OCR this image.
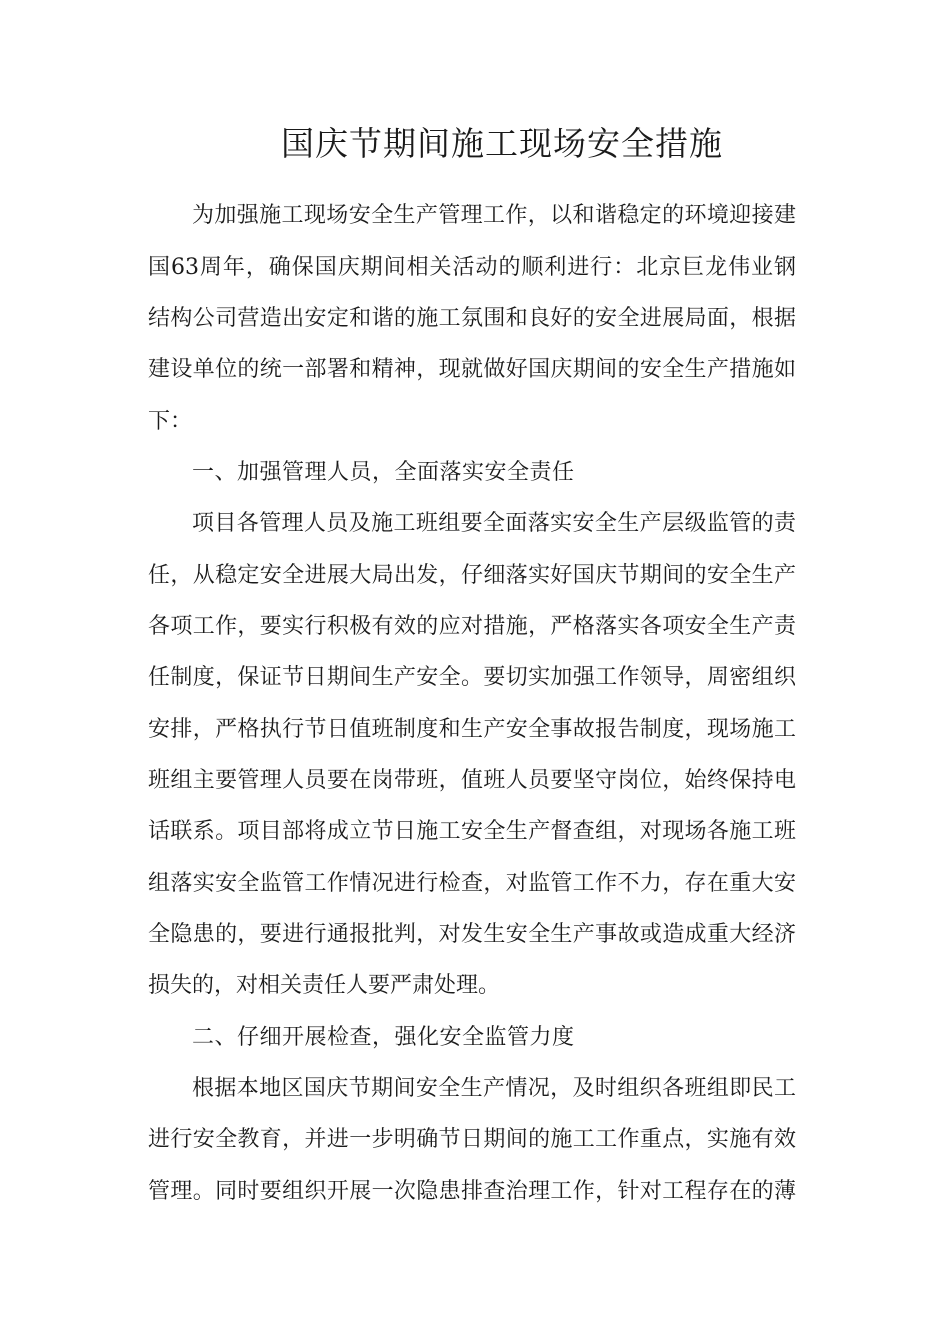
国庆节期间施工现场安全措施

为加强施工现场安全生产管理工作，以和谐稳定的环境迎接建

国63周年，确保国庆期间相关活动的顺利进行：北京巨龙伟业钢

结构公司营造出安定和谐的施工氛围和良好的安全进展局面，根据

建设单位的统一部署和精神，现就做好国庆期间的安全生产措施如

下：

一、加强管理人员，全面落实安全责任

项目各管理人员及施工班组要全面落实安全生产层级监管的责

任，从稳定安全进展大局出发，仔细落实好国庆节期间的安全生产

各项工作，要实行积极有效的应对措施，严格落实各项安全生产责

任制度，保证节日期间生产安全。要切实加强工作领导，周密组织

安排，严格执行节日值班制度和生产安全事故报告制度，现场施工

班组主要管理人员要在岗带班，值班人员要坚守岗位，始终保持电

话联系。项目部将成立节日施工安全生产督查组，对现场各施工班

组落实安全监管工作情况进行检查，对监管工作不力，存在重大安

全隐患的，要进行通报批判，对发生安全生产事故或造成重大经济

损失的，对相关责任人要严肃处理。

二、仔细开展检查，强化安全监管力度

根据本地区国庆节期间安全生产情况，及时组织各班组即民工

进行安全教育，并进一步明确节日期间的施工工作重点，实施有效

管理。同时要组织开展一次隐患排查治理工作，针对工程存在的薄
